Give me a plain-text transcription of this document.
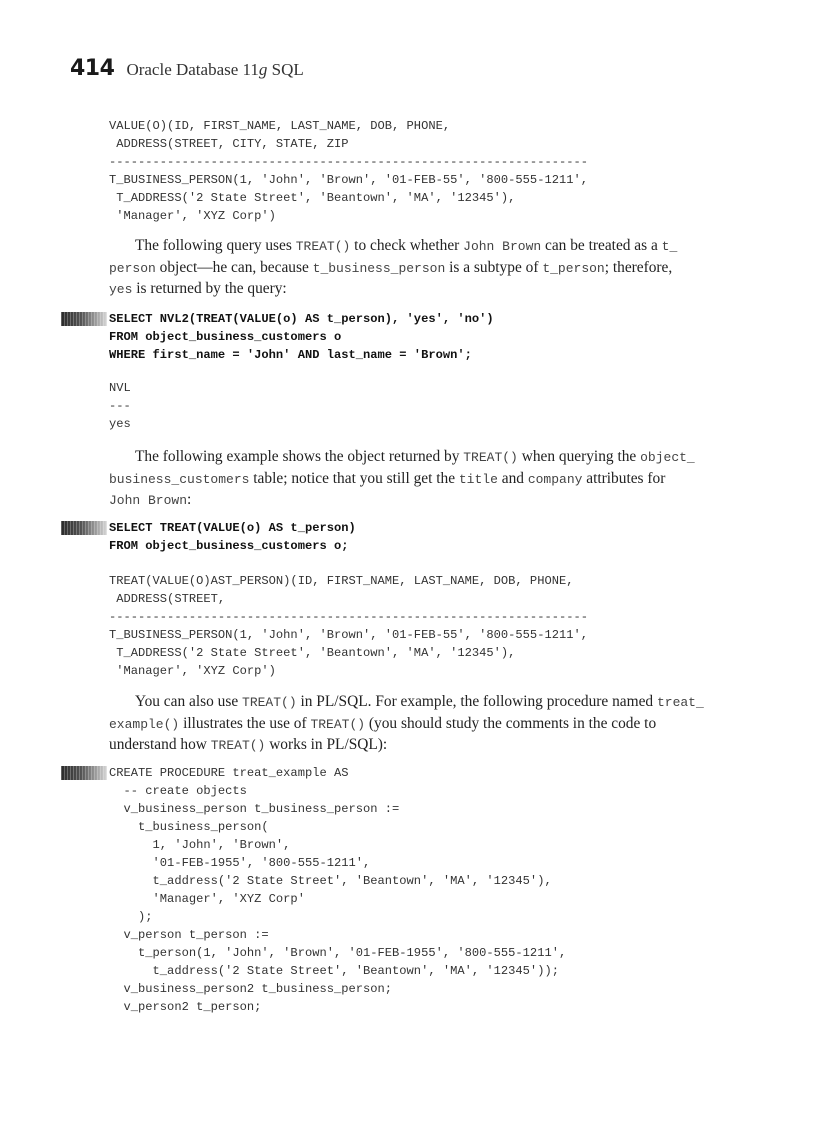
414 Oracle Database 11g SQL
VALUE(O)(ID, FIRST_NAME, LAST_NAME, DOB, PHONE,
ADDRESS(STREET, CITY, STATE, ZIP
------------------------------------------------------------------
T_BUSINESS_PERSON(1, 'John', 'Brown', '01-FEB-55', '800-555-1211',
T_ADDRESS('2 State Street', 'Beantown', 'MA', '12345'),
'Manager', 'XYZ Corp')

The following query uses TREAT() to check whether John Brown can be treated as a t_
person object—he can, because t_business_person is a subtype of t_person; therefore,
yes is returned by the query:

SELECT NVL2(TREAT(VALUE(o) AS t_person), 'yes', 'no')
FROM object_business_customers o
WHERE first_name = 'John' AND last_name = 'Brown';
NVL
---
yes

The following example shows the object returned by TREAT() when querying the object_
business_customers table; notice that you still get the title and company attributes for
John Brown:

SELECT TREAT(VALUE(o) AS t_person)
FROM object_business_customers o;
TREAT(VALUE(O)AST_PERSON)(ID, FIRST_NAME, LAST_NAME, DOB, PHONE,
ADDRESS(STREET,
------------------------------------------------------------------
T_BUSINESS_PERSON(1, 'John', 'Brown', '01-FEB-55', '800-555-1211',
T_ADDRESS('2 State Street', 'Beantown', 'MA', '12345'),
'Manager', 'XYZ Corp')

You can also use TREAT() in PL/SQL. For example, the following procedure named treat_
example() illustrates the use of TREAT() (you should study the comments in the code to
understand how TREAT() works in PL/SQL):

CREATE PROCEDURE treat_example AS
-- create objects
v_business_person t_business_person :=
t_business_person(
1, 'John', 'Brown',
'01-FEB-1955', '800-555-1211',
t_address('2 State Street', 'Beantown', 'MA', '12345'),
'Manager', 'XYZ Corp'
);
v_person t_person :=
t_person(1, 'John', 'Brown', '01-FEB-1955', '800-555-1211',
t_address('2 State Street', 'Beantown', 'MA', '12345'));
v_business_person2 t_business_person;
v_person2 t_person;
